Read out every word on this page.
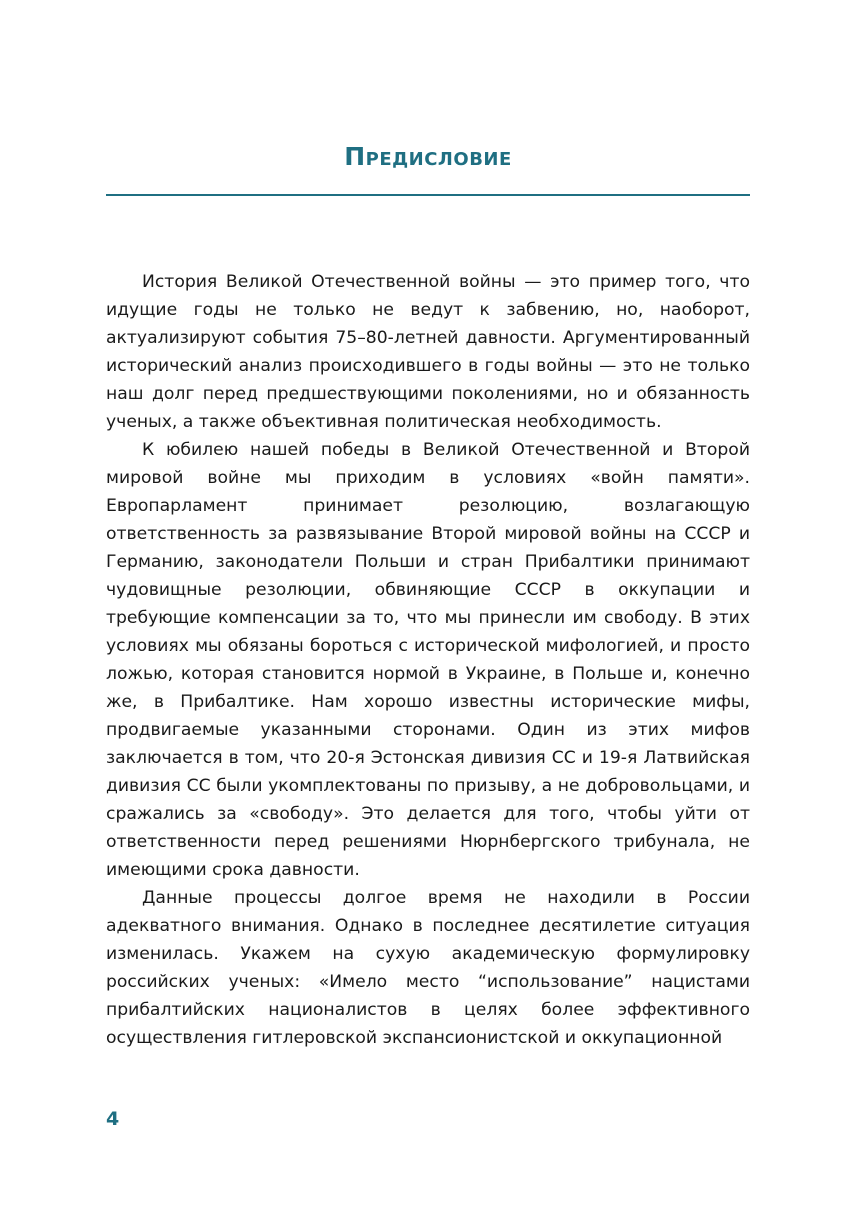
Предисловие

История Великой Отечественной войны — это пример того, что идущие годы не только не ведут к забвению, но, наоборот, актуализируют события 75–80-летней давности. Аргументированный исторический анализ происходившего в годы войны — это не только наш долг перед предшествующими поколениями, но и обязанность ученых, а также объективная политическая необходимость.

К юбилею нашей победы в Великой Отечественной и Второй мировой войне мы приходим в условиях «войн памяти». Европарламент принимает резолюцию, возлагающую ответственность за развязывание Второй мировой войны на СССР и Германию, законодатели Польши и стран Прибалтики принимают чудовищные резолюции, обвиняющие СССР в оккупации и требующие компенсации за то, что мы принесли им свободу. В этих условиях мы обязаны бороться с исторической мифологией, и просто ложью, которая становится нормой в Украине, в Польше и, конечно же, в Прибалтике. Нам хорошо известны исторические мифы, продвигаемые указанными сторонами. Один из этих мифов заключается в том, что 20-я Эстонская дивизия СС и 19-я Латвийская дивизия СС были укомплектованы по призыву, а не добровольцами, и сражались за «свободу». Это делается для того, чтобы уйти от ответственности перед решениями Нюрнбергского трибунала, не имеющими срока давности.

Данные процессы долгое время не находили в России адекватного внимания. Однако в последнее десятилетие ситуация изменилась. Укажем на сухую академическую формулировку российских ученых: «Имело место “использование” нацистами прибалтийских националистов в целях более эффективного осуществления гитлеровской экспансионистской и оккупационной

4
